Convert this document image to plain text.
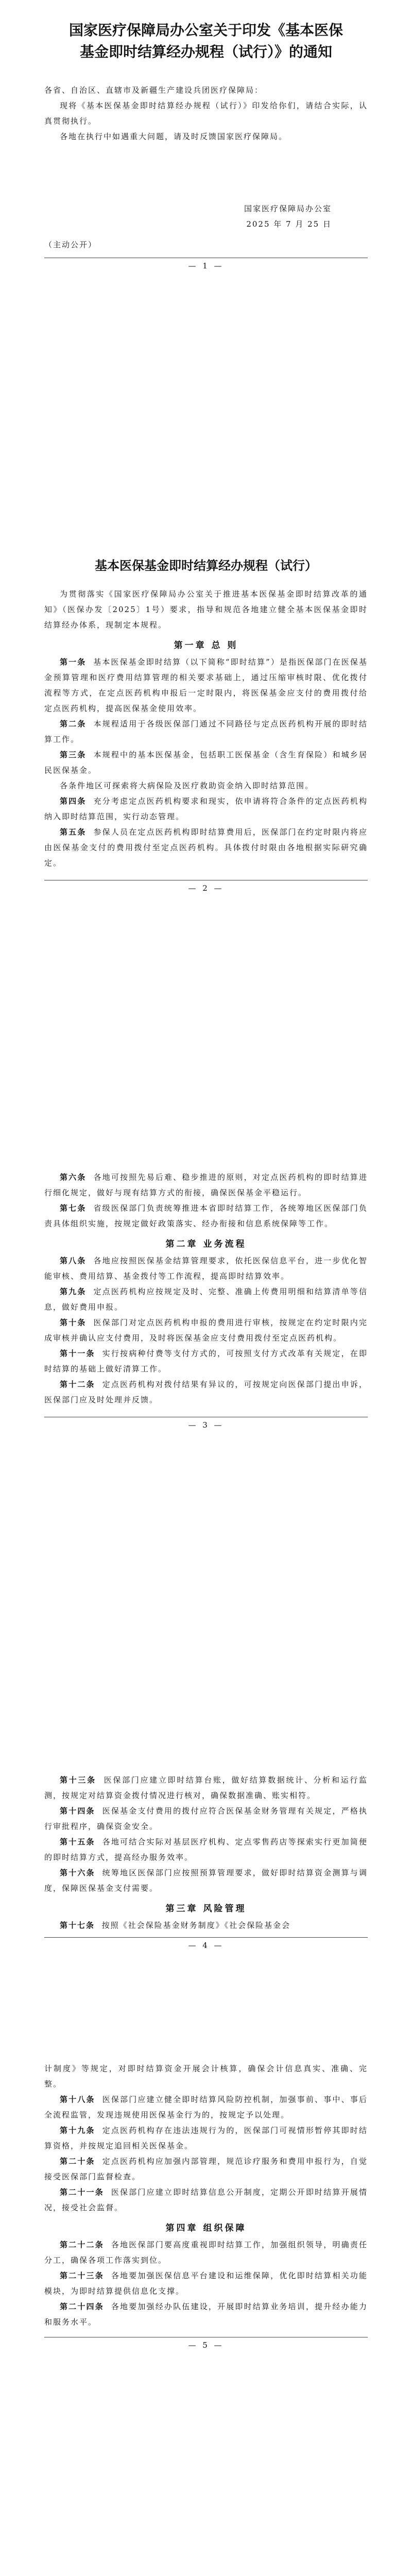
国家医疗保障局办公室关于印发《基本医保
基金即时结算经办规程（试行）》的通知

各省、自治区、直辖市及新疆生产建设兵团医疗保障局：

现将《基本医保基金即时结算经办规程（试行）》印发给你们，请结合实际，认真贯彻执行。

各地在执行中如遇重大问题，请及时反馈国家医疗保障局。

国家医疗保障局办公室

2025 年 7 月 25 日

（主动公开）

— 1 —
基本医保基金即时结算经办规程（试行）

为贯彻落实《国家医疗保障局办公室关于推进基本医保基金即时结算改革的通知》（医保办发〔2025〕1号）要求，指导和规范各地建立健全基本医保基金即时结算经办体系，现制定本规程。

第一章 总 则

第一条 基本医保基金即时结算（以下简称“即时结算”）是指医保部门在医保基金预算管理和医疗费用结算管理的相关要求基础上，通过压缩审核时限、优化拨付流程等方式，在定点医药机构申报后一定时限内，将医保基金应支付的费用拨付给定点医药机构，提高医保基金使用效率。

第二条 本规程适用于各级医保部门通过不同路径与定点医药机构开展的即时结算工作。

第三条 本规程中的基本医保基金，包括职工医保基金（含生育保险）和城乡居民医保基金。

各条件地区可探索将大病保险及医疗救助资金纳入即时结算范围。

第四条 充分考虑定点医药机构要求和现实，依申请将符合条件的定点医药机构纳入即时结算范围，实行动态管理。

第五条 参保人员在定点医药机构即时结算费用后，医保部门在约定时限内将应由医保基金支付的费用拨付至定点医药机构。具体拨付时限由各地根据实际研究确定。

— 2 —

第六条 各地可按照先易后难、稳步推进的原则，对定点医药机构的即时结算进行细化规定，做好与现有结算方式的衔接，确保医保基金平稳运行。

第七条 省级医保部门负责统筹推进本省即时结算工作，各统筹地区医保部门负责具体组织实施，按规定做好政策落实、经办衔接和信息系统保障等工作。

第二章 业务流程

第八条 各地应按照医保基金结算管理要求，依托医保信息平台，进一步优化智能审核、费用结算、基金拨付等工作流程，提高即时结算效率。

第九条 定点医药机构应按规定及时、完整、准确上传费用明细和结算清单等信息，做好费用申报。

第十条 医保部门对定点医药机构申报的费用进行审核，按规定在约定时限内完成审核并确认应支付费用，及时将医保基金应支付费用拨付至定点医药机构。

第十一条 实行按病种付费等支付方式的，可按照支付方式改革有关规定，在即时结算的基础上做好清算工作。

第十二条 定点医药机构对拨付结果有异议的，可按规定向医保部门提出申诉，医保部门应及时处理并反馈。

— 3 —

第十三条 医保部门应建立即时结算台账，做好结算数据统计、分析和运行监测，按规定对结算资金拨付情况进行核对，确保数据准确、账实相符。

第十四条 医保基金支付费用的拨付应符合医保基金财务管理有关规定，严格执行审批程序，确保资金安全。

第十五条 各地可结合实际对基层医疗机构、定点零售药店等探索实行更加简便的即时结算方式，提高经办服务效率。

第十六条 统筹地区医保部门应按照预算管理要求，做好即时结算资金测算与调度，保障医保基金支付需要。

第三章 风险管理

第十七条 按照《社会保险基金财务制度》《社会保险基金会

— 4 —

计制度》等规定，对即时结算资金开展会计核算，确保会计信息真实、准确、完整。

第十八条 医保部门应建立健全即时结算风险防控机制，加强事前、事中、事后全流程监管，发现违规使用医保基金行为的，按规定予以处理。

第十九条 定点医药机构存在违法违规行为的，医保部门可视情形暂停其即时结算资格，并按规定追回相关医保基金。

第二十条 定点医药机构应加强内部管理，规范诊疗服务和费用申报行为，自觉接受医保部门监督检查。

第二十一条 医保部门应建立即时结算信息公开制度，定期公开即时结算开展情况，接受社会监督。

第四章 组织保障

第二十二条 各地医保部门要高度重视即时结算工作，加强组织领导，明确责任分工，确保各项工作落实到位。

第二十三条 各地要加强医保信息平台建设和运维保障，优化即时结算相关功能模块，为即时结算提供信息化支撑。

第二十四条 各地要加强经办队伍建设，开展即时结算业务培训，提升经办能力和服务水平。

— 5 —
